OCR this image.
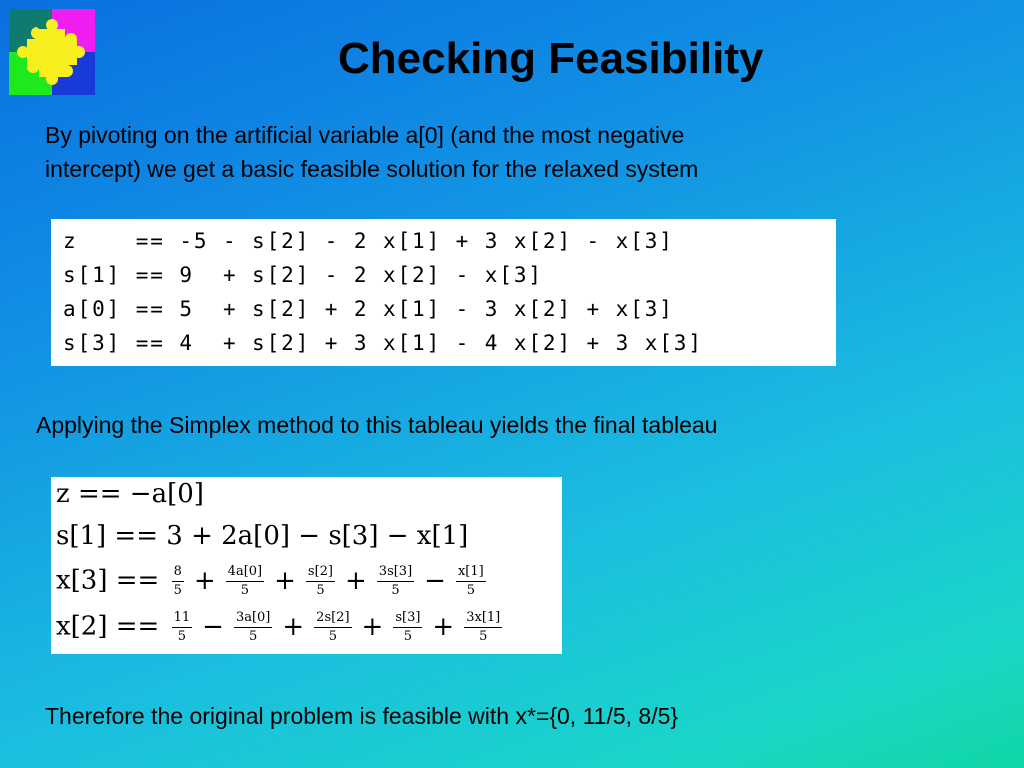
Checking Feasibility
By pivoting on the artificial variable a[0] (and the most negative
intercept) we get a basic feasible solution for the relaxed system
z    == -5 - s[2] - 2 x[1] + 3 x[2] - x[3]
s[1] == 9  + s[2] - 2 x[2] - x[3]
a[0] == 5  + s[2] + 2 x[1] - 3 x[2] + x[3]
s[3] == 4  + s[2] + 3 x[1] - 4 x[2] + 3 x[3]
Applying the Simplex method to this tableau yields the final tableau
z == −a[0]
s[1] == 3 + 2a[0] − s[3] − x[1]
$x[3] == \frac{8}{5} + \frac{4a[0]}{5} + \frac{s[2]}{5} + \frac{3s[3]}{5} - \frac{x[1]}{5}$
$x[2] == \frac{11}{5} - \frac{3a[0]}{5} + \frac{2s[2]}{5} + \frac{s[3]}{5} + \frac{3x[1]}{5}$
Therefore the original problem is feasible with x*={0, 11/5, 8/5}
